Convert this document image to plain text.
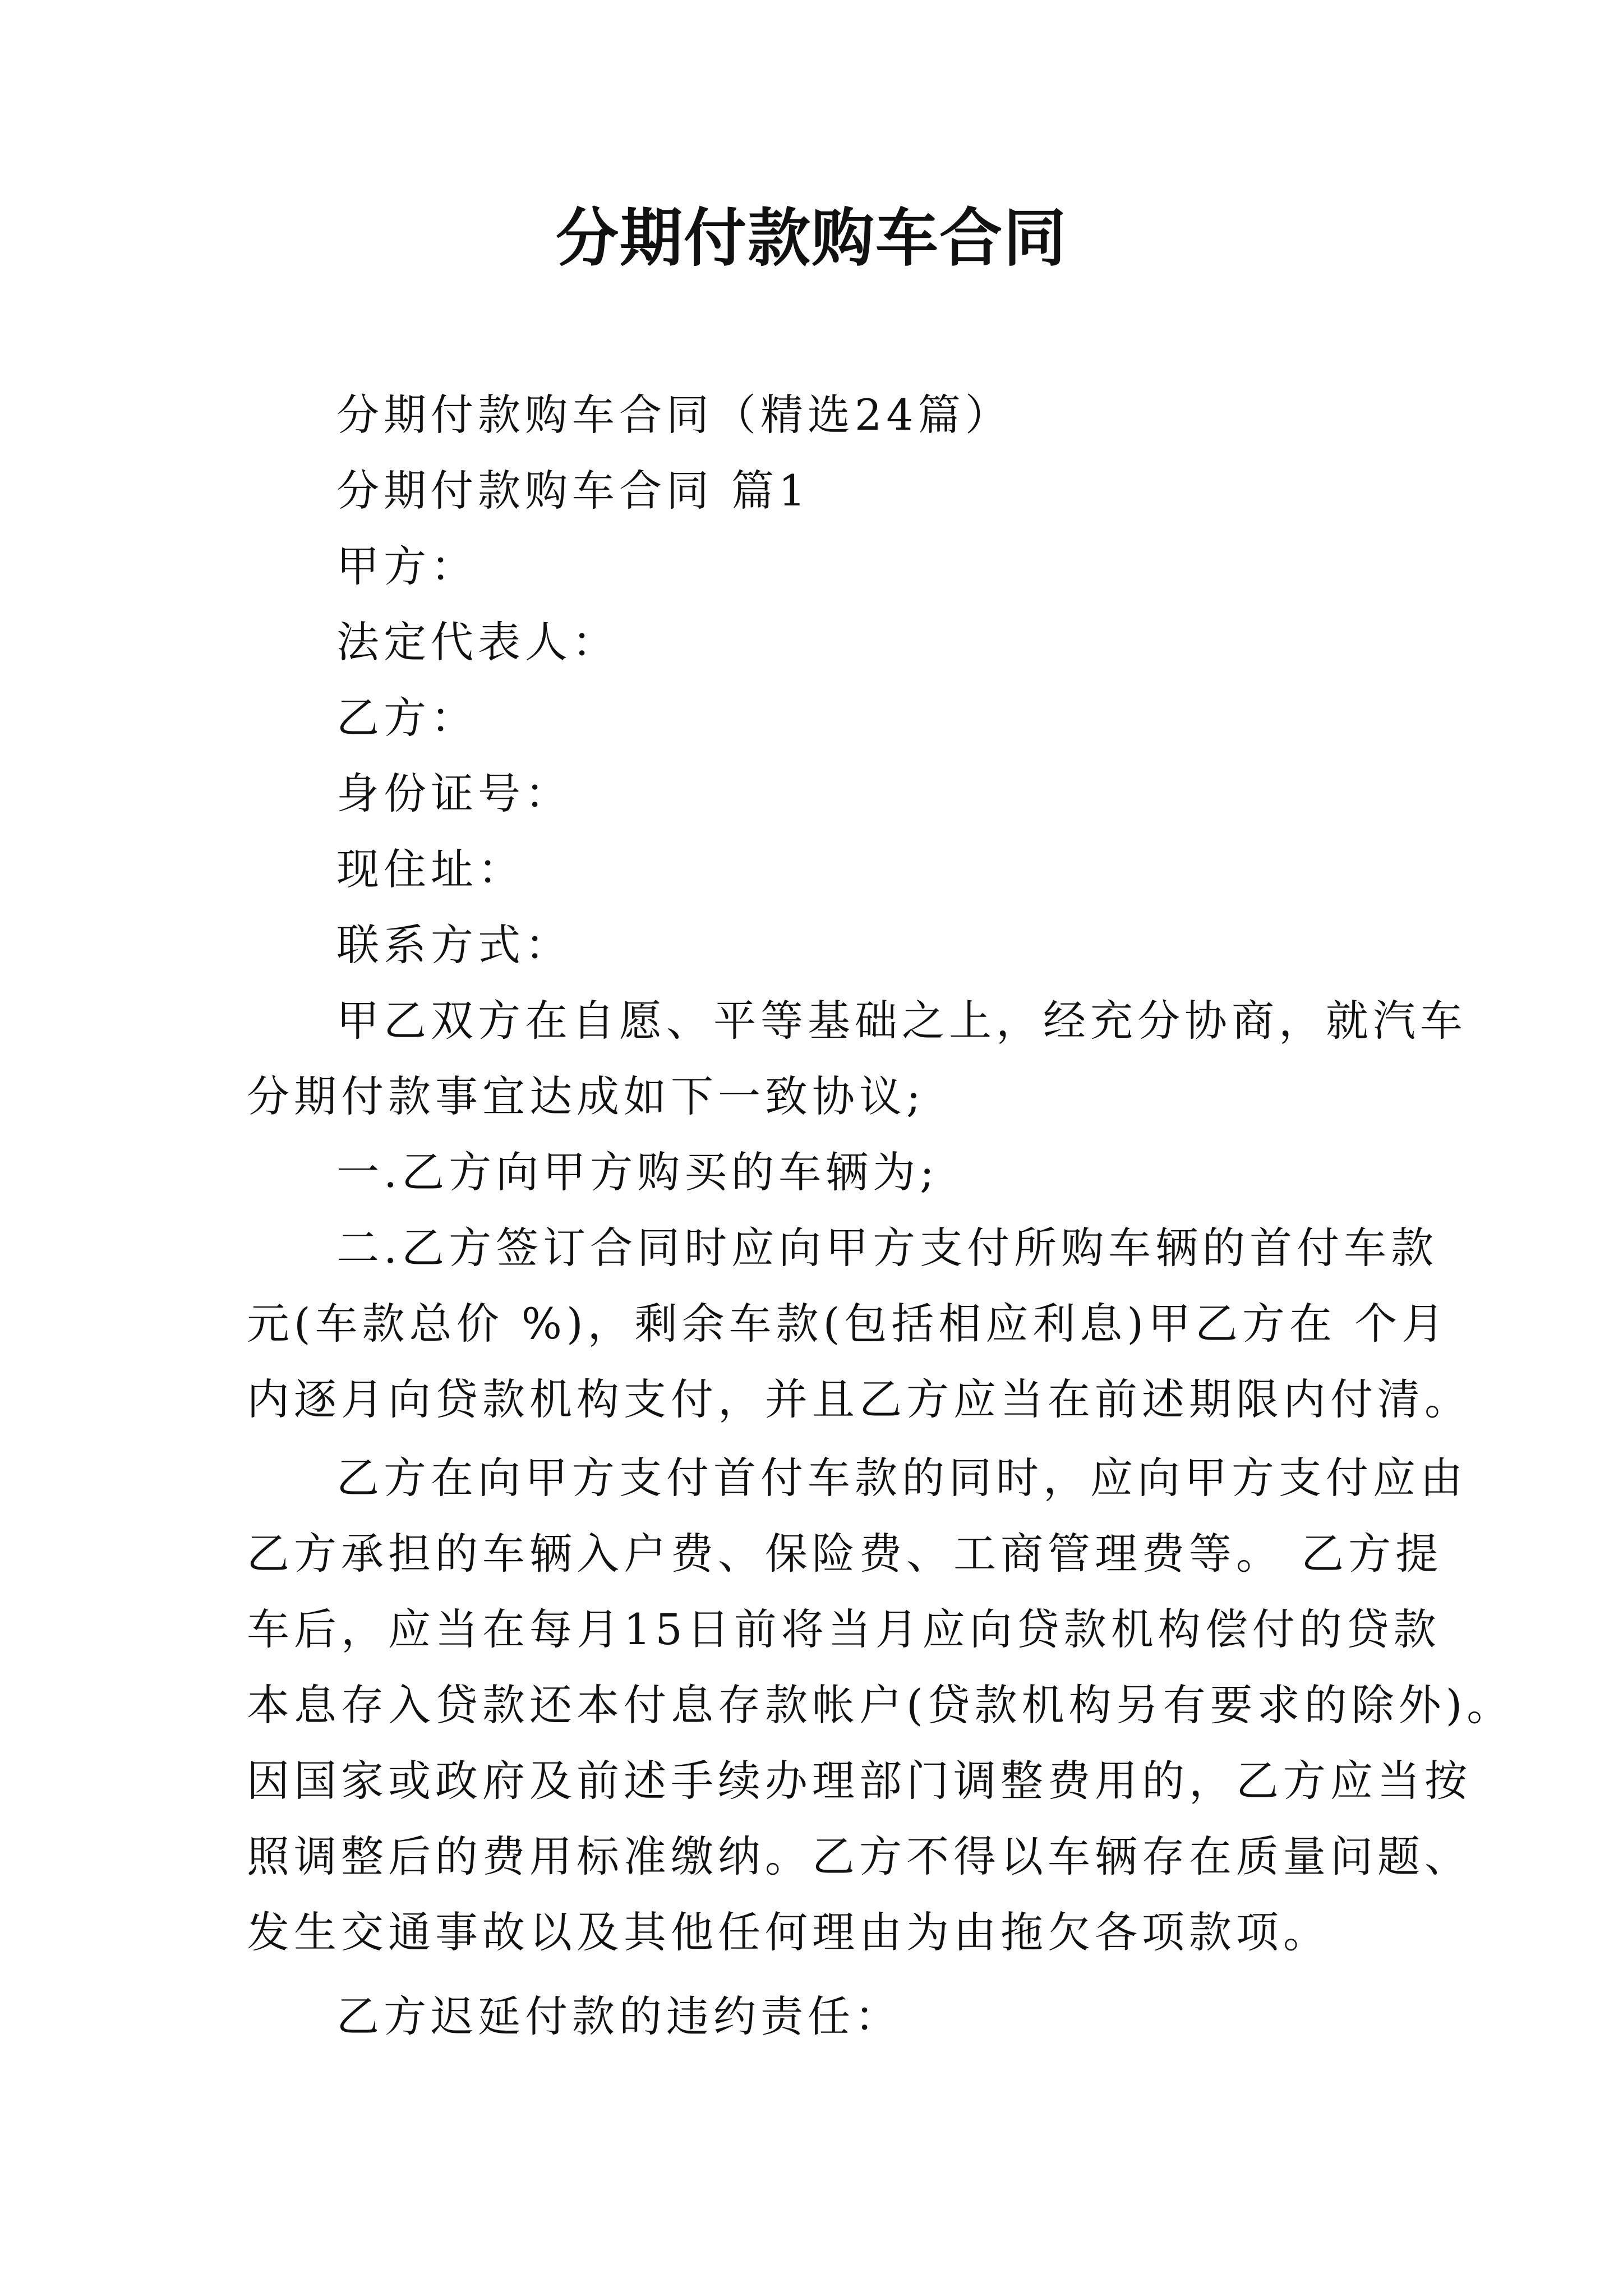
分期付款购车合同

分期付款购车合同（精选24篇）

分期付款购车合同 篇1

甲方：

法定代表人：

乙方：

身份证号：

现住址：

联系方式：

甲乙双方在自愿、平等基础之上，经充分协商，就汽车

分期付款事宜达成如下一致协议;

一.乙方向甲方购买的车辆为;

二.乙方签订合同时应向甲方支付所购车辆的首付车款

元(车款总价 %)，剩余车款(包括相应利息)甲乙方在 个月

内逐月向贷款机构支付，并且乙方应当在前述期限内付清。

乙方在向甲方支付首付车款的同时，应向甲方支付应由

乙方承担的车辆入户费、保险费、工商管理费等。 乙方提

车后，应当在每月15日前将当月应向贷款机构偿付的贷款

本息存入贷款还本付息存款帐户(贷款机构另有要求的除外)。

因国家或政府及前述手续办理部门调整费用的，乙方应当按

照调整后的费用标准缴纳。乙方不得以车辆存在质量问题、

发生交通事故以及其他任何理由为由拖欠各项款项。

乙方迟延付款的违约责任：
